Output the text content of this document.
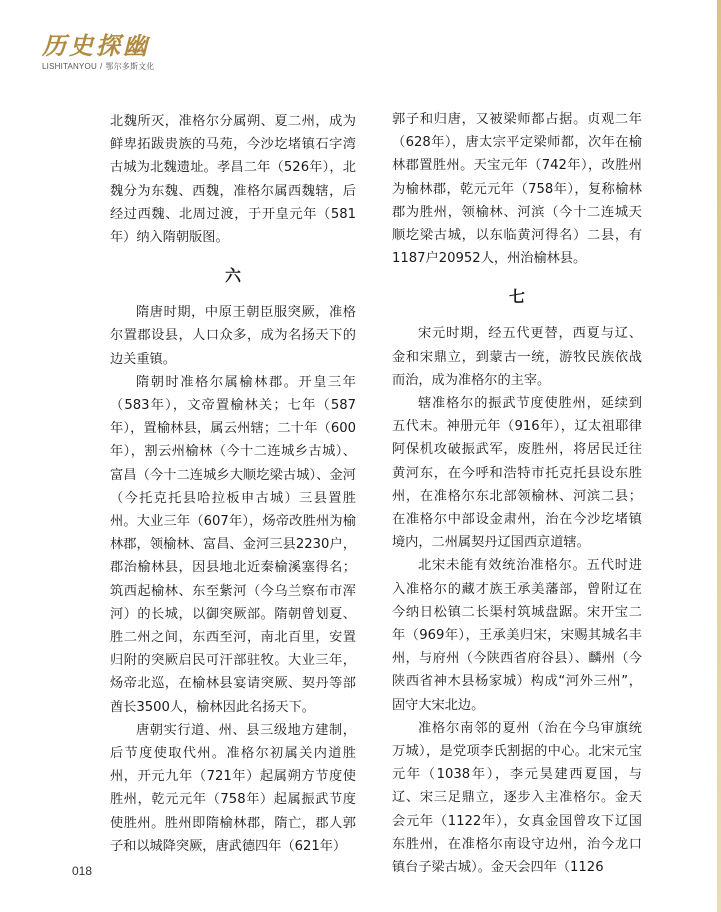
历史探幽
LISHITANYOU / 鄂尔多斯文化

北魏所灭，准格尔分属朔、夏二州，成为鲜卑拓跋贵族的马苑，今沙圪堵镇石字湾古城为北魏遗址。孝昌二年（526年），北魏分为东魏、西魏，准格尔属西魏辖，后经过西魏、北周过渡，于开皇元年（581年）纳入隋朝版图。

六

隋唐时期，中原王朝臣服突厥，准格尔置郡设县，人口众多，成为名扬天下的边关重镇。

隋朝时准格尔属榆林郡。开皇三年（583年），文帝置榆林关；七年（587年），置榆林县，属云州辖；二十年（600年），割云州榆林（今十二连城乡古城）、富昌（今十二连城乡大顺圪梁古城）、金河（今托克托县哈拉板申古城）三县置胜州。大业三年（607年），炀帝改胜州为榆林郡，领榆林、富昌、金河三县2230户，郡治榆林县，因县地北近秦榆溪塞得名；筑西起榆林、东至紫河（今乌兰察布市浑河）的长城，以御突厥部。隋朝曾划夏、胜二州之间，东西至河，南北百里，安置归附的突厥启民可汗部驻牧。大业三年，炀帝北巡，在榆林县宴请突厥、契丹等部酋长3500人，榆林因此名扬天下。

唐朝实行道、州、县三级地方建制，后节度使取代州。准格尔初属关内道胜州，开元九年（721年）起属朔方节度使胜州，乾元元年（758年）起属振武节度使胜州。胜州即隋榆林郡，隋亡，郡人郭子和以城降突厥，唐武德四年（621年）

郭子和归唐，又被梁师都占据。贞观二年（628年），唐太宗平定梁师都，次年在榆林郡置胜州。天宝元年（742年），改胜州为榆林郡，乾元元年（758年），复称榆林郡为胜州，领榆林、河滨（今十二连城天顺圪梁古城，以东临黄河得名）二县，有1187户20952人，州治榆林县。

七

宋元时期，经五代更替，西夏与辽、金和宋鼎立，到蒙古一统，游牧民族依战而治，成为准格尔的主宰。

辖准格尔的振武节度使胜州，延续到五代末。神册元年（916年），辽太祖耶律阿保机攻破振武军，废胜州，将居民迁往黄河东，在今呼和浩特市托克托县设东胜州，在准格尔东北部领榆林、河滨二县；在准格尔中部设金肃州，治在今沙圪堵镇境内，二州属契丹辽国西京道辖。

北宋未能有效统治准格尔。五代时进入准格尔的藏才族王承美藩部，曾附辽在今纳日松镇二长渠村筑城盘踞。宋开宝二年（969年），王承美归宋，宋赐其城名丰州，与府州（今陕西省府谷县）、麟州（今陕西省神木县杨家城）构成“河外三州”，固守大宋北边。

准格尔南邻的夏州（治在今乌审旗统万城），是党项李氏割据的中心。北宋元宝元年（1038年），李元昊建西夏国，与辽、宋三足鼎立，逐步入主准格尔。金天会元年（1122年），女真金国曾攻下辽国东胜州，在准格尔南设守边州，治今龙口镇台子梁古城）。金天会四年（1126

018
